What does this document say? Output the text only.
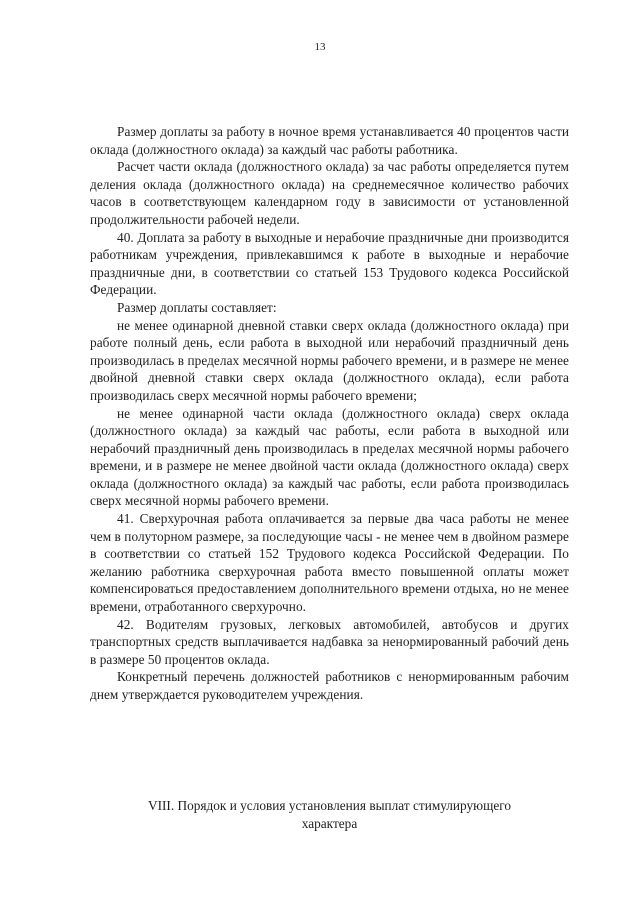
13

Размер доплаты за работу в ночное время устанавливается 40 процентов части оклада (должностного оклада) за каждый час работы работника.

Расчет части оклада (должностного оклада) за час работы определяется путем деления оклада (должностного оклада) на среднемесячное количество рабочих часов в соответствующем календарном году в зависимости от установленной продолжительности рабочей недели.

40. Доплата за работу в выходные и нерабочие праздничные дни производится работникам учреждения, привлекавшимся к работе в выходные и нерабочие праздничные дни, в соответствии со статьей 153 Трудового кодекса Российской Федерации.

Размер доплаты составляет:

не менее одинарной дневной ставки сверх оклада (должностного оклада) при работе полный день, если работа в выходной или нерабочий праздничный день производилась в пределах месячной нормы рабочего времени, и в размере не менее двойной дневной ставки сверх оклада (должностного оклада), если работа производилась сверх месячной нормы рабочего времени;

не менее одинарной части оклада (должностного оклада) сверх оклада (должностного оклада) за каждый час работы, если работа в выходной или нерабочий праздничный день производилась в пределах месячной нормы рабочего времени, и в размере не менее двойной части оклада (должностного оклада) сверх оклада (должностного оклада) за каждый час работы, если работа производилась сверх месячной нормы рабочего времени.

41. Сверхурочная работа оплачивается за первые два часа работы не менее чем в полуторном размере, за последующие часы - не менее чем в двойном размере в соответствии со статьей 152 Трудового кодекса Российской Федерации. По желанию работника сверхурочная работа вместо повышенной оплаты может компенсироваться предоставлением дополнительного времени отдыха, но не менее времени, отработанного сверхурочно.

42. Водителям грузовых, легковых автомобилей, автобусов и других транспортных средств выплачивается надбавка за ненормированный рабочий день в размере 50 процентов оклада.

Конкретный перечень должностей работников с ненормированным рабочим днем утверждается руководителем учреждения.

VIII. Порядок и условия установления выплат стимулирующего
характера
